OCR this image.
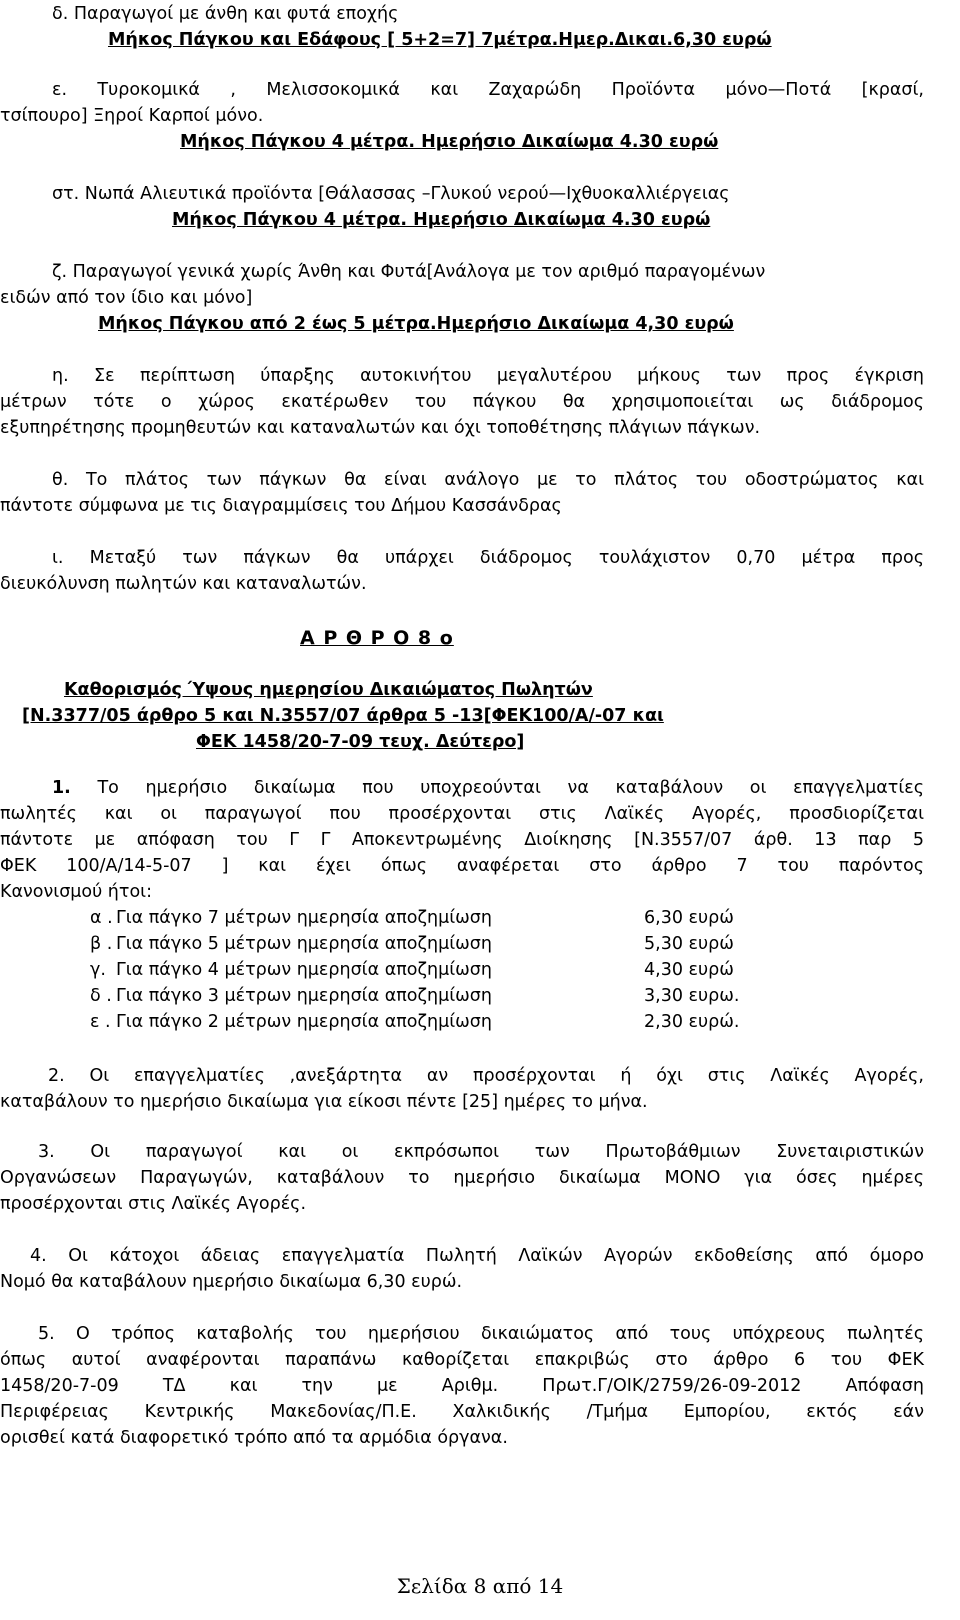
δ. Παραγωγοί με άνθη και φυτά εποχής
Μήκος Πάγκου και Εδάφους [ 5+2=7] 7μέτρα.Ημερ.Δικαι.6,30 ευρώ
ε. Τυροκομικά , Μελισσοκομικά και Ζαχαρώδη Προϊόντα μόνο—Ποτά [κρασί,
τσίπουρο] Ξηροί Καρποί μόνο.
Μήκος Πάγκου 4 μέτρα. Ημερήσιο Δικαίωμα 4.30 ευρώ
στ. Νωπά Αλιευτικά προϊόντα [Θάλασσας –Γλυκού νερού—Ιχθυοκαλλιέργειας
Μήκος Πάγκου 4 μέτρα. Ημερήσιο Δικαίωμα 4.30 ευρώ
ζ. Παραγωγοί γενικά χωρίς Άνθη και Φυτά[Ανάλογα με τον αριθμό παραγομένων
ειδών από τον ίδιο και μόνο]
Μήκος Πάγκου από 2 έως 5 μέτρα.Ημερήσιο Δικαίωμα 4,30 ευρώ
η. Σε περίπτωση ύπαρξης αυτοκινήτου μεγαλυτέρου μήκους των προς έγκριση
μέτρων τότε ο χώρος εκατέρωθεν του πάγκου θα χρησιμοποιείται ως διάδρομος
εξυπηρέτησης προμηθευτών και καταναλωτών και όχι τοποθέτησης πλάγιων πάγκων.
θ. Το πλάτος των πάγκων θα είναι ανάλογο με το πλάτος του οδοστρώματος και
πάντοτε σύμφωνα με τις διαγραμμίσεις του Δήμου Κασσάνδρας
ι. Μεταξύ των πάγκων θα υπάρχει διάδρομος τουλάχιστον 0,70 μέτρα προς
διευκόλυνση πωλητών και καταναλωτών.
Α Ρ Θ Ρ Ο 8 ο
Καθορισμός Ύψους ημερησίου Δικαιώματος Πωλητών
[Ν.3377/05 άρθρο 5 και Ν.3557/07 άρθρα 5 -13[ΦΕΚ100/Α/-07 και
ΦΕΚ 1458/20-7-09 τευχ. Δεύτερο]
1. Το ημερήσιο δικαίωμα που υποχρεούνται να καταβάλουν οι επαγγελματίες
πωλητές και οι παραγωγοί που προσέρχονται στις Λαϊκές Αγορές, προσδιορίζεται
πάντοτε με απόφαση του Γ Γ Αποκεντρωμένης Διοίκησης [Ν.3557/07 άρθ. 13 παρ 5
ΦΕΚ 100/Α/14-5-07 ] και έχει όπως αναφέρεται στο άρθρο 7 του παρόντος
Κανονισμού ήτοι:
α . Για πάγκο 7 μέτρων ημερησία αποζημίωση	6,30 ευρώ
β . Για πάγκο 5 μέτρων ημερησία αποζημίωση	5,30 ευρώ
γ. Για πάγκο 4 μέτρων ημερησία αποζημίωση	4,30 ευρώ
δ . Για πάγκο 3 μέτρων ημερησία αποζημίωση	3,30 ευρω.
ε . Για πάγκο 2 μέτρων ημερησία αποζημίωση	2,30 ευρώ.
2. Οι επαγγελματίες ,ανεξάρτητα αν προσέρχονται ή όχι στις Λαϊκές Αγορές,
καταβάλουν το ημερήσιο δικαίωμα για είκοσι πέντε [25] ημέρες το μήνα.
3. Οι παραγωγοί και οι εκπρόσωποι των Πρωτοβάθμιων Συνεταιριστικών
Οργανώσεων Παραγωγών, καταβάλουν το ημερήσιο δικαίωμα ΜΟΝΟ για όσες ημέρες
προσέρχονται στις Λαϊκές Αγορές.
4. Οι κάτοχοι άδειας επαγγελματία Πωλητή Λαϊκών Αγορών εκδοθείσης από όμορο
Νομό θα καταβάλουν ημερήσιο δικαίωμα 6,30 ευρώ.
5. Ο τρόπος καταβολής του ημερήσιου δικαιώματος από τους υπόχρεους πωλητές
όπως αυτοί αναφέρονται παραπάνω καθορίζεται επακριβώς στο άρθρο 6 του ΦΕΚ
1458/20-7-09 ΤΔ και την με Αριθμ. Πρωτ.Γ/ΟΙΚ/2759/26-09-2012 Απόφαση
Περιφέρειας Κεντρικής Μακεδονίας/Π.Ε. Χαλκιδικής /Τμήμα Εμπορίου, εκτός εάν
ορισθεί κατά διαφορετικό τρόπο από τα αρμόδια όργανα.
Σελίδα 8 από 14
